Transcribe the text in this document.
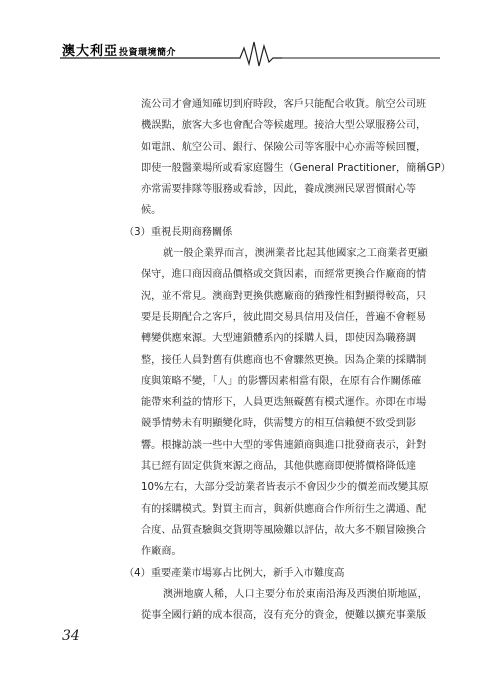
澳大利亞投資環境簡介
流公司才會通知確切到府時段，客戶只能配合收貨。航空公司班
機誤點，旅客大多也會配合等候處理。接洽大型公眾服務公司，
如電訊、航空公司、銀行、保險公司等客服中心亦需等候回覆，
即使一般醫業場所或看家庭醫生（General Practitioner，簡稱GP）
亦常需要排隊等服務或看診，因此，養成澳洲民眾習慣耐心等
候。
（3）重視長期商務關係
就一般企業界而言，澳洲業者比起其他國家之工商業者更顯
保守，進口商因商品價格或交貨因素，而經常更換合作廠商的情
況，並不常見。澳商對更換供應廠商的猶豫性相對顯得較高，只
要是長期配合之客戶，彼此間交易具信用及信任，普遍不會輕易
轉變供應來源。大型連鎖體系內的採購人員，即使因為職務調
整，接任人員對舊有供應商也不會驟然更換。因為企業的採購制
度與策略不變，「人」的影響因素相當有限，在原有合作關係確
能帶來利益的情形下，人員更迭無礙舊有模式運作。亦即在市場
競爭情勢未有明顯變化時，供需雙方的相互信賴便不致受到影
響。根據訪談一些中大型的零售連鎖商與進口批發商表示，針對
其已經有固定供貨來源之商品，其他供應商即便將價格降低達
10%左右，大部分受訪業者皆表示不會因少少的價差而改變其原
有的採購模式。對買主而言，與新供應商合作所衍生之溝通、配
合度、品質查驗與交貨期等風險難以評估，故大多不願冒險換合
作廠商。
（4）重要產業市場寡占比例大，新手入市難度高
澳洲地廣人稀，人口主要分布於東南沿海及西澳伯斯地區，
從事全國行銷的成本很高，沒有充分的資金，便難以擴充事業版
34
